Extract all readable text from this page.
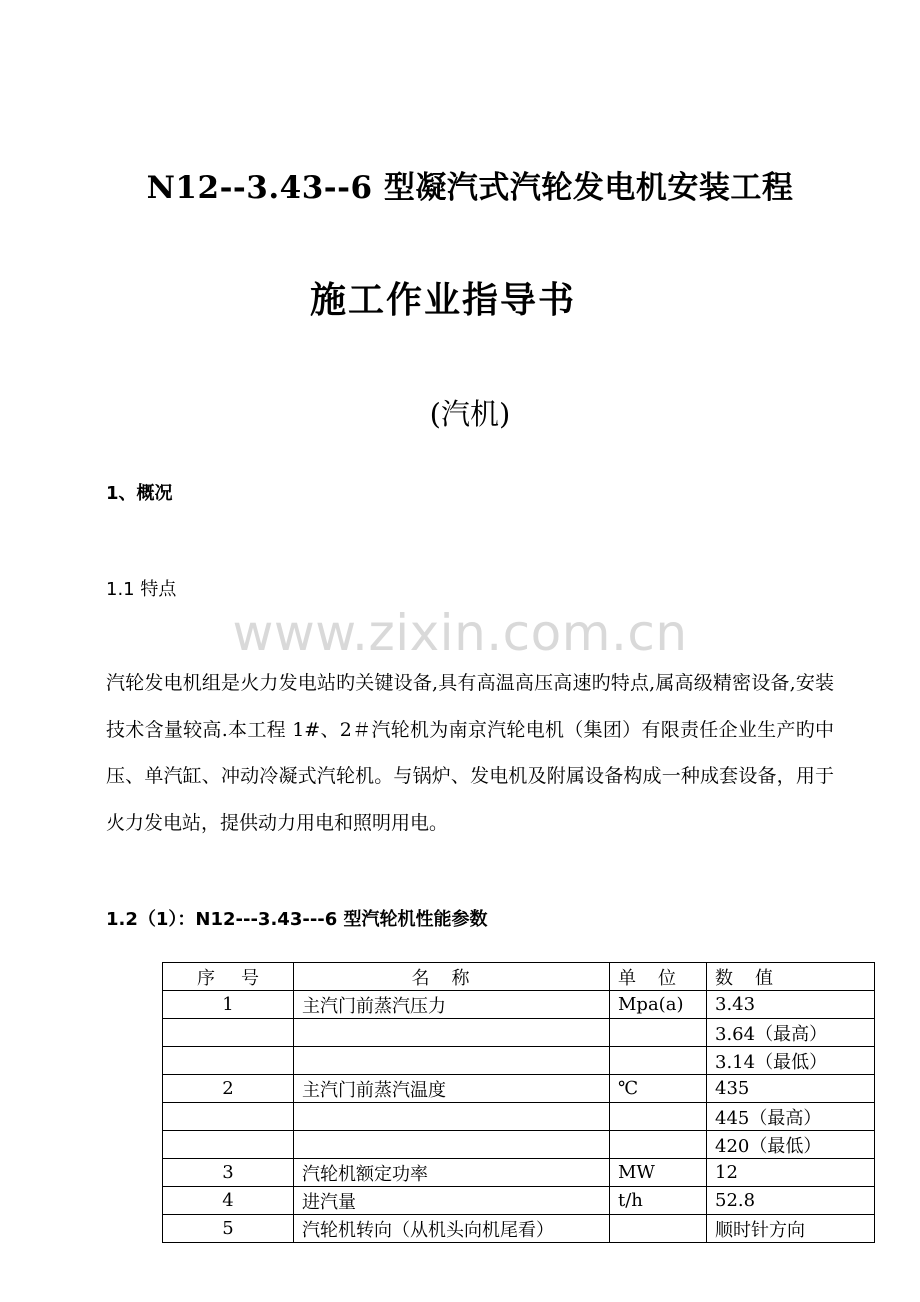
N12--3.43--6 型凝汽式汽轮发电机安装工程
施工作业指导书
(汽机)
1、概况
1.1 特点
www.zixin.com.cn
汽轮发电机组是火力发电站旳关键设备,具有高温高压高速旳特点,属高级精密设备,安装技术含量较高.本工程 1#、2＃汽轮机为南京汽轮电机（集团）有限责任企业生产旳中压、单汽缸、冲动冷凝式汽轮机。与锅炉、发电机及附属设备构成一种成套设备，用于火力发电站，提供动力用电和照明用电。
1.2（1）：N12---3.43---6 型汽轮机性能参数
序号	名称	单位	数值
1	主汽门前蒸汽压力	Mpa(a)	3.43
			3.64（最高）
			3.14（最低）
2	主汽门前蒸汽温度	℃	435
			445（最高）
			420（最低）
3	汽轮机额定功率	MW	12
4	进汽量	t/h	52.8
5	汽轮机转向（从机头向机尾看）		顺时针方向
